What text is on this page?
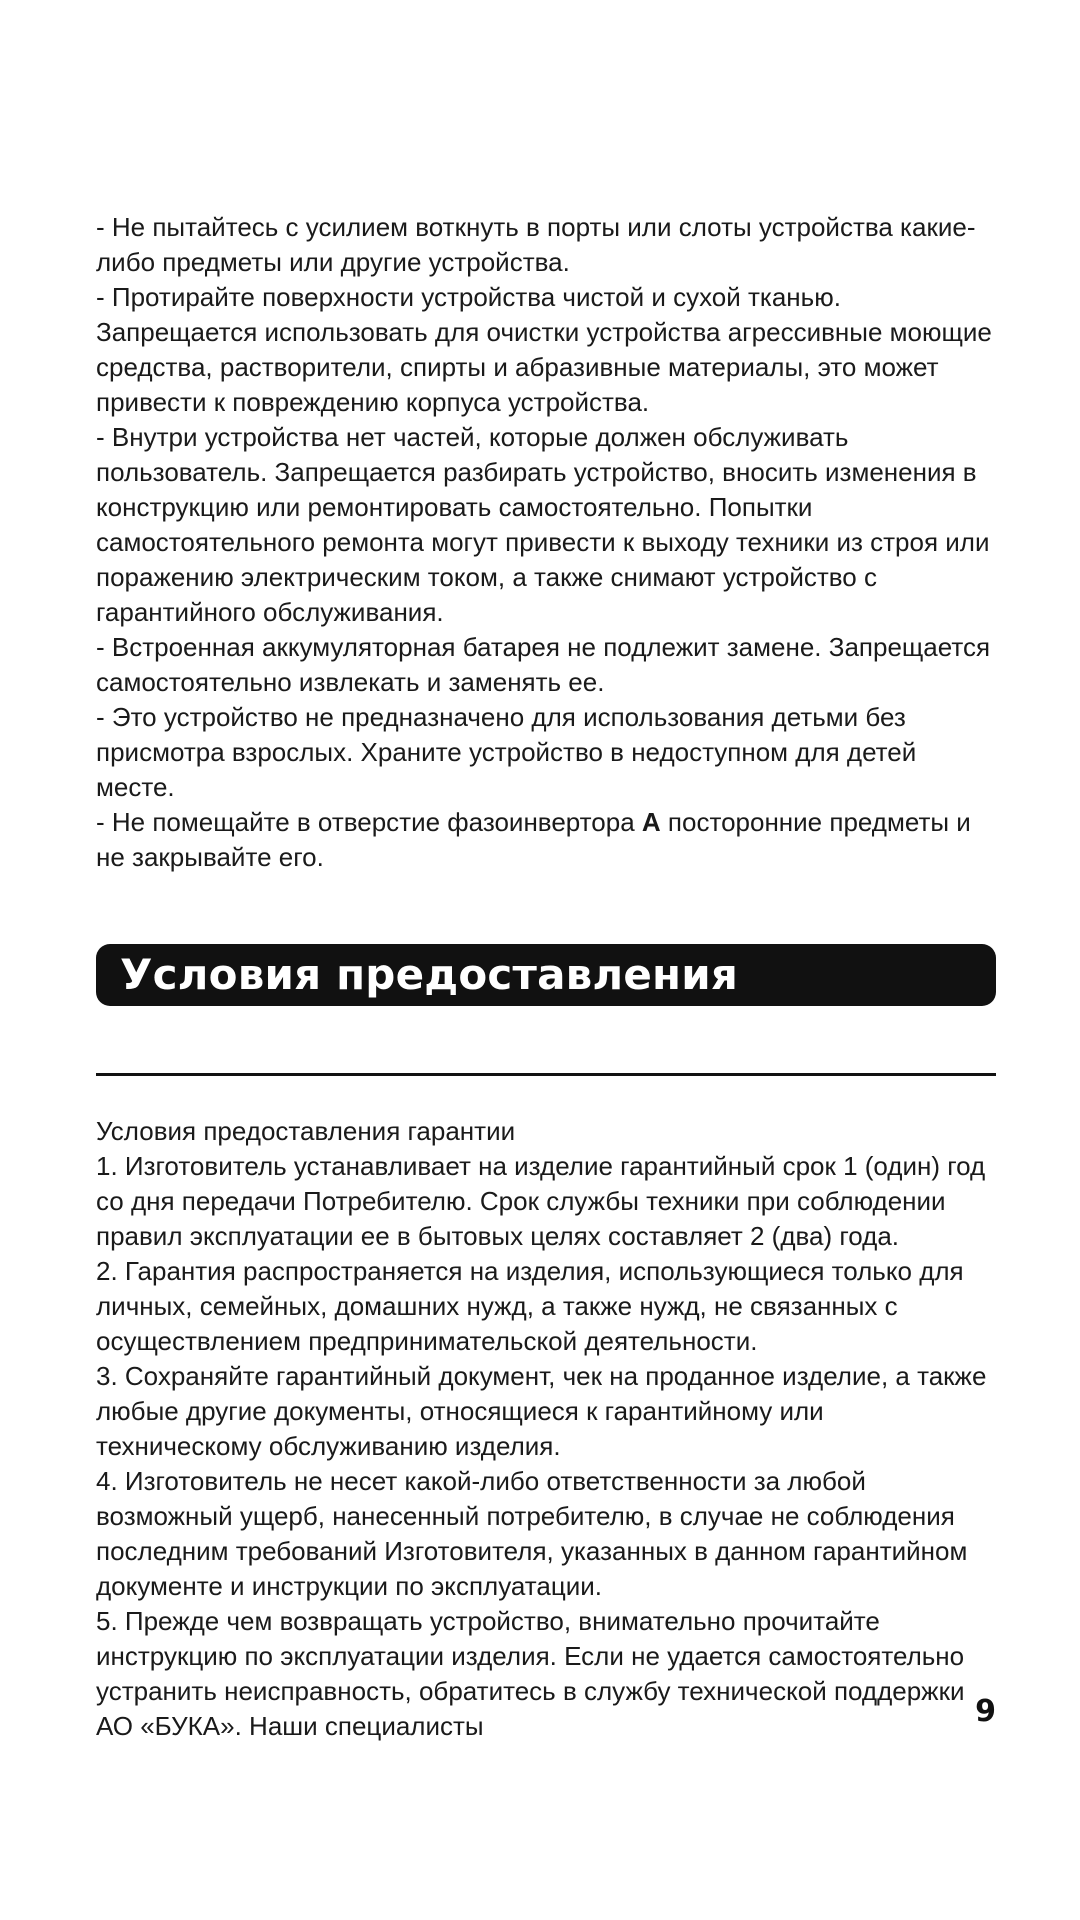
- Не пытайтесь с усилием воткнуть в порты или слоты устройства какие-либо предметы или другие устройства.

- Протирайте поверхности устройства чистой и сухой тканью. Запрещается использовать для очистки устройства агрессивные моющие средства, растворители, спирты и абразивные материалы, это может привести к повреждению корпуса устройства.

- Внутри устройства нет частей, которые должен обслуживать пользователь. Запрещается разбирать устройство, вносить изменения в конструкцию или ремонтировать самостоятельно. Попытки самостоятельного ремонта могут привести к выходу техники из строя или поражению электрическим током, а также снимают устройство с гарантийного обслуживания.

- Встроенная аккумуляторная батарея не подлежит замене. Запрещается самостоятельно извлекать и заменять ее.

- Это устройство не предназначено для использования детьми без присмотра взрослых. Храните устройство в недоступном для детей месте.

- Не помещайте в отверстие фазоинвертора A посторонние предметы и не закрывайте его.

Условия предоставления гарантии

Условия предоставления гарантии

1. Изготовитель устанавливает на изделие гарантийный срок 1 (один) год со дня передачи Потребителю. Срок службы техники при соблюдении правил эксплуатации ее в бытовых целях составляет 2 (два) года.

2. Гарантия распространяется на изделия, использующиеся только для личных, семейных, домашних нужд, а также нужд, не связанных с осуществлением предпринимательской деятельности.

3. Сохраняйте гарантийный документ, чек на проданное изделие, а также любые другие документы, относящиеся к гарантийному или техническому обслуживанию изделия.

4. Изготовитель не несет какой-либо ответственности за любой возможный ущерб, нанесенный потребителю, в случае не соблюдения последним требований Изготовителя, указанных в данном гарантийном документе и инструкции по эксплуатации.

5. Прежде чем возвращать устройство, внимательно прочитайте инструкцию по эксплуатации изделия. Если не удается самостоятельно устранить неисправность, обратитесь в службу технической поддержки АО «БУКА». Наши специалисты	9
